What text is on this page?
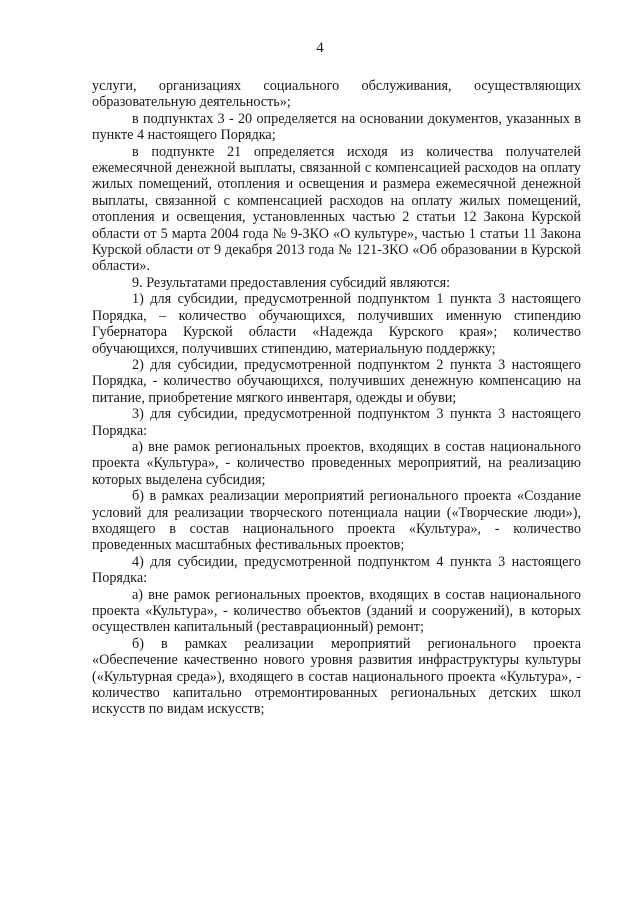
4

услуги, организациях социального обслуживания, осуществляющих образовательную деятельность»;

в подпунктах 3 - 20 определяется на основании документов, указанных в пункте 4 настоящего Порядка;

в подпункте 21 определяется исходя из количества получателей ежемесячной денежной выплаты, связанной с компенсацией расходов на оплату жилых помещений, отопления и освещения и размера ежемесячной денежной выплаты, связанной с компенсацией расходов на оплату жилых помещений, отопления и освещения, установленных частью 2 статьи 12 Закона Курской области от 5 марта 2004 года № 9-ЗКО «О культуре», частью 1 статьи 11 Закона Курской области от 9 декабря 2013 года № 121-ЗКО «Об образовании в Курской области».

9. Результатами предоставления субсидий являются:

1) для субсидии, предусмотренной подпунктом 1 пункта 3 настоящего Порядка, – количество обучающихся, получивших именную стипендию Губернатора Курской области «Надежда Курского края»; количество обучающихся, получивших стипендию, материальную поддержку;

2) для субсидии, предусмотренной подпунктом 2 пункта 3 настоящего Порядка, - количество обучающихся, получивших денежную компенсацию на питание, приобретение мягкого инвентаря, одежды и обуви;

3) для субсидии, предусмотренной подпунктом 3 пункта 3 настоящего Порядка:

а) вне рамок региональных проектов, входящих в состав национального проекта «Культура», - количество проведенных мероприятий, на реализацию которых выделена субсидия;

б) в рамках реализации мероприятий регионального проекта «Создание условий для реализации творческого потенциала нации («Творческие люди»), входящего в состав национального проекта «Культура», - количество проведенных масштабных фестивальных проектов;

4) для субсидии, предусмотренной подпунктом 4 пункта 3 настоящего Порядка:

а) вне рамок региональных проектов, входящих в состав национального проекта «Культура», - количество объектов (зданий и сооружений), в которых осуществлен капитальный (реставрационный) ремонт;

б) в рамках реализации мероприятий регионального проекта «Обеспечение качественно нового уровня развития инфраструктуры культуры («Культурная среда»), входящего в состав национального проекта «Культура», - количество капитально отремонтированных региональных детских школ искусств по видам искусств;
